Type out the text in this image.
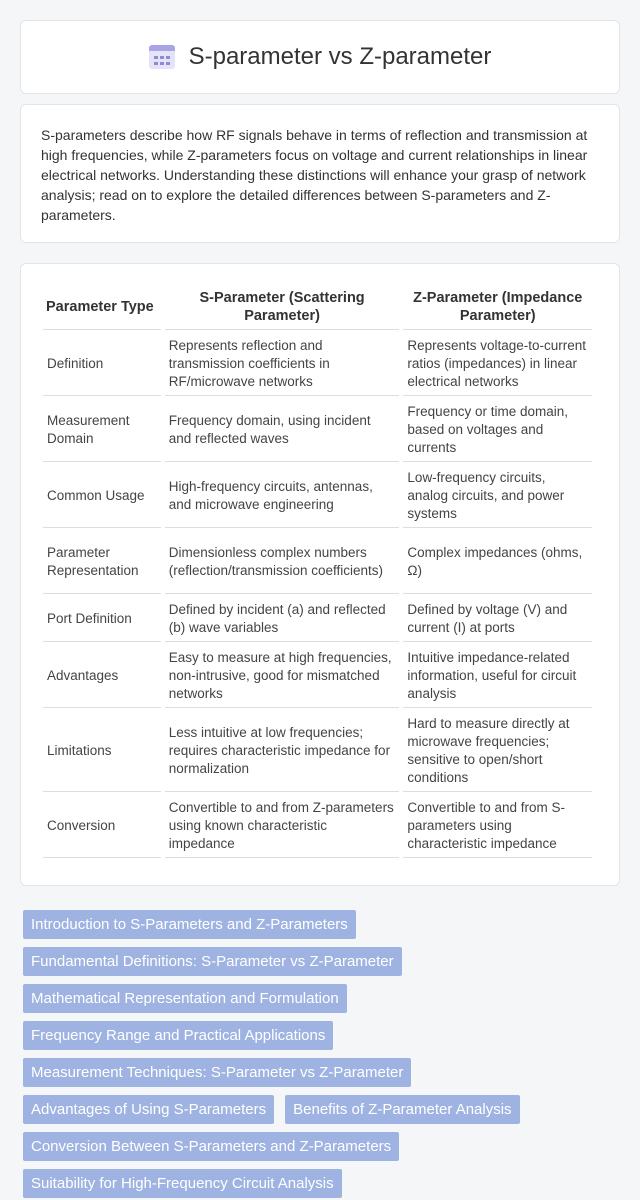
S-parameter vs Z-parameter

S-parameters describe how RF signals behave in terms of reflection and transmission at high frequencies, while Z-parameters focus on voltage and current relationships in linear electrical networks. Understanding these distinctions will enhance your grasp of network analysis; read on to explore the detailed differences between S-parameters and Z-parameters.

Parameter Type	S-Parameter (Scattering Parameter)	Z-Parameter (Impedance Parameter)
Definition	Represents reflection and transmission coefficients in RF/microwave networks	Represents voltage-to-current ratios (impedances) in linear electrical networks
Measurement Domain	Frequency domain, using incident and reflected waves	Frequency or time domain, based on voltages and currents
Common Usage	High-frequency circuits, antennas, and microwave engineering	Low-frequency circuits, analog circuits, and power systems
Parameter Representation	Dimensionless complex numbers (reflection/transmission coefficients)	Complex impedances (ohms, Ω)
Port Definition	Defined by incident (a) and reflected (b) wave variables	Defined by voltage (V) and current (I) at ports
Advantages	Easy to measure at high frequencies, non-intrusive, good for mismatched networks	Intuitive impedance-related information, useful for circuit analysis
Limitations	Less intuitive at low frequencies; requires characteristic impedance for normalization	Hard to measure directly at microwave frequencies; sensitive to open/short conditions
Conversion	Convertible to and from Z-parameters using known characteristic impedance	Convertible to and from S-parameters using characteristic impedance
Introduction to S-Parameters and Z-Parameters
Fundamental Definitions: S-Parameter vs Z-Parameter
Mathematical Representation and Formulation
Frequency Range and Practical Applications
Measurement Techniques: S-Parameter vs Z-Parameter
Advantages of Using S-Parameters	Benefits of Z-Parameter Analysis
Conversion Between S-Parameters and Z-Parameters
Suitability for High-Frequency Circuit Analysis
